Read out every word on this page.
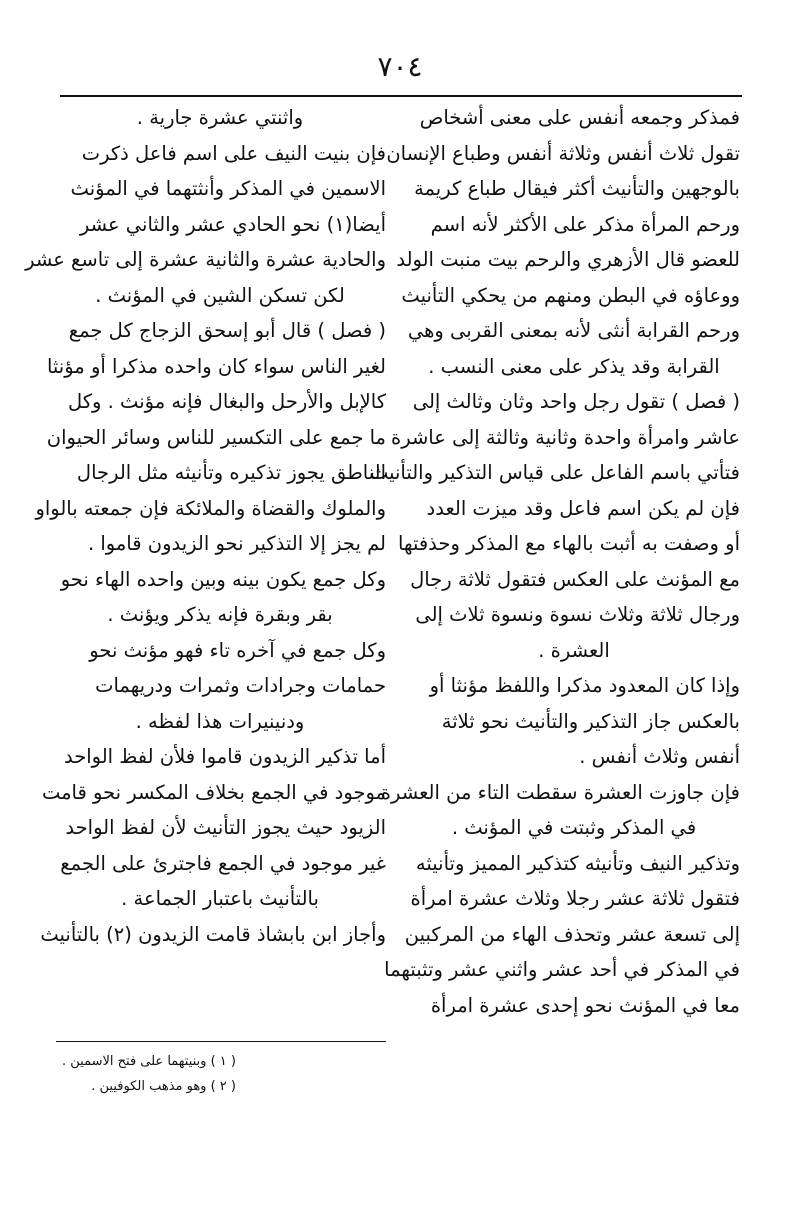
٧٠٤
فمذكر وجمعه أنفس على معنى أشخاص
تقول ثلاث أنفس وثلاثة أنفس وطباع الإنسان
بالوجهين والتأنيث أكثر فيقال طباع كريمة
ورحم المرأة مذكر على الأكثر لأنه اسم
للعضو قال الأزهري والرحم بيت منبت الولد
ووعاؤه في البطن ومنهم من يحكي التأنيث
ورحم القرابة أنثى لأنه بمعنى القربى وهي
القرابة وقد يذكر على معنى النسب .
( فصل ) تقول رجل واحد وثان وثالث إلى
عاشر وامرأة واحدة وثانية وثالثة إلى عاشرة
فتأتي باسم الفاعل على قياس التذكير والتأنيث
فإن لم يكن اسم فاعل وقد ميزت العدد
أو وصفت به أثبت بالهاء مع المذكر وحذفتها
مع المؤنث على العكس فتقول ثلاثة رجال
ورجال ثلاثة وثلاث نسوة ونسوة ثلاث إلى
العشرة .
وإذا كان المعدود مذكرا واللفظ مؤنثا أو
بالعكس جاز التذكير والتأنيث نحو ثلاثة
أنفس وثلاث أنفس .
فإن جاوزت العشرة سقطت التاء من العشرة
في المذكر وثبتت في المؤنث .
وتذكير النيف وتأنيثه كتذكير المميز وتأنيثه
فتقول ثلاثة عشر رجلا وثلاث عشرة امرأة
إلى تسعة عشر وتحذف الهاء من المركبين
في المذكر في أحد عشر واثني عشر وتثبتهما
معا في المؤنث نحو إحدى عشرة امرأة
واثنتي عشرة جارية .
فإن بنيت النيف على اسم فاعل ذكرت
الاسمين في المذكر وأنثتهما في المؤنث
أيضا(١) نحو الحادي عشر والثاني عشر
والحادية عشرة والثانية عشرة إلى تاسع عشر
لكن تسكن الشين في المؤنث .
( فصل ) قال أبو إسحق الزجاج كل جمع
لغير الناس سواء كان واحده مذكرا أو مؤنثا
كالإبل والأرحل والبغال فإنه مؤنث . وكل
ما جمع على التكسير للناس وسائر الحيوان
الناطق يجوز تذكيره وتأنيثه مثل الرجال
والملوك والقضاة والملائكة فإن جمعته بالواو
لم يجز إلا التذكير نحو الزيدون قاموا .
وكل جمع يكون بينه وبين واحده الهاء نحو
بقر وبقرة فإنه يذكر ويؤنث .
وكل جمع في آخره تاء فهو مؤنث نحو
حمامات وجرادات وثمرات ودريهمات
ودنينيرات هذا لفظه .
أما تذكير الزيدون قاموا فلأن لفظ الواحد
موجود في الجمع بخلاف المكسر نحو قامت
الزيود حيث يجوز التأنيث لأن لفظ الواحد
غير موجود في الجمع فاجترئ على الجمع
بالتأنيث باعتبار الجماعة .
وأجاز ابن بابشاذ قامت الزيدون (٢) بالتأنيث
( ١ ) وبنيتهما على فتح الاسمين .
( ٢ ) وهو مذهب الكوفيين .
